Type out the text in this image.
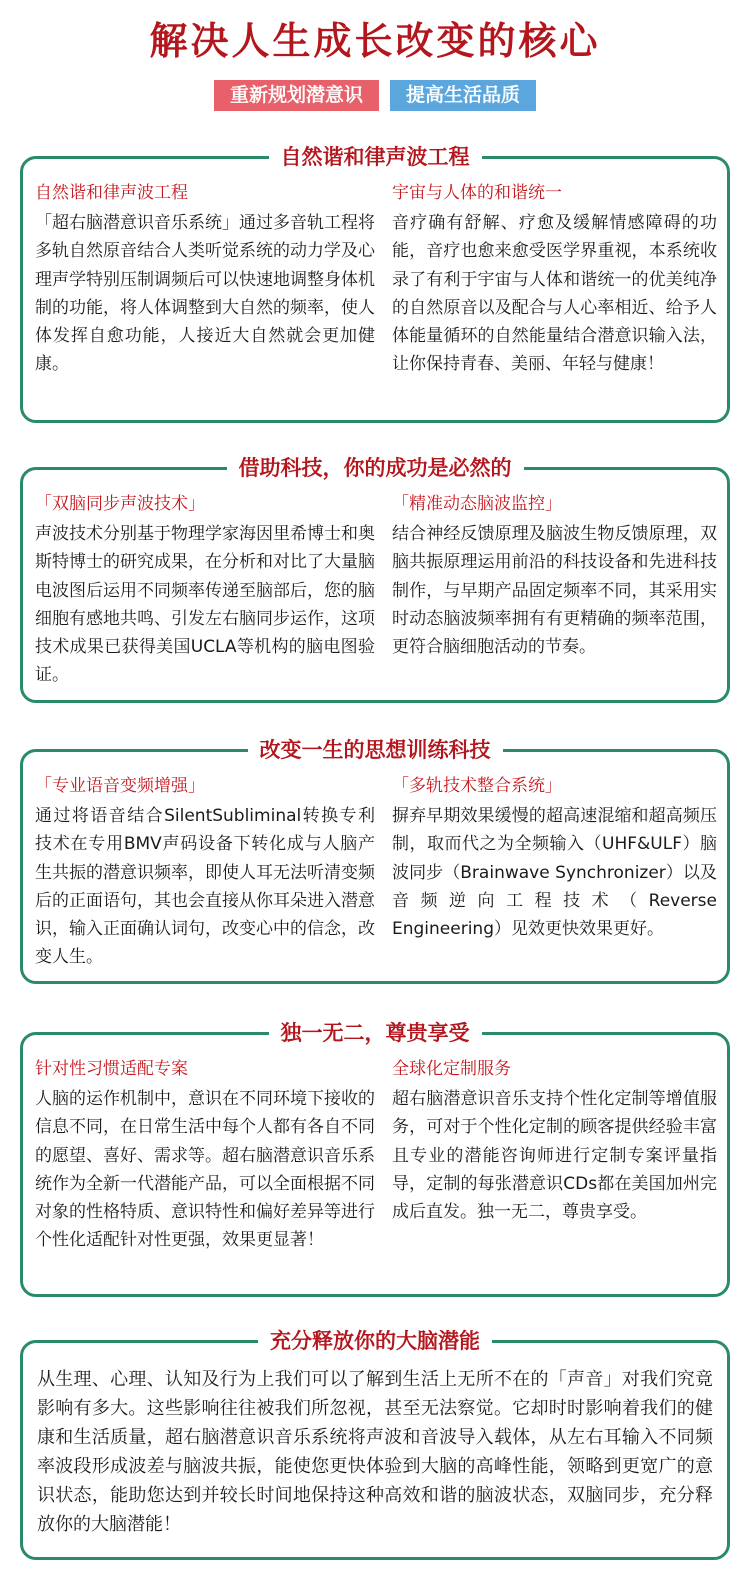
解决人生成长改变的核心
重新规划潜意识	提高生活品质
自然谐和律声波工程
自然谐和律声波工程
「超右脑潜意识音乐系统」通过多音轨工程将多轨自然原音结合人类听觉系统的动力学及心理声学特别压制调频后可以快速地调整身体机制的功能，将人体调整到大自然的频率，使人体发挥自愈功能，人接近大自然就会更加健康。
宇宙与人体的和谐统一
音疗确有舒解、疗愈及缓解情感障碍的功能，音疗也愈来愈受医学界重视，本系统收录了有利于宇宙与人体和谐统一的优美纯净的自然原音以及配合与人心率相近、给予人体能量循环的自然能量结合潜意识输入法，让你保持青春、美丽、年轻与健康！
借助科技，你的成功是必然的
「双脑同步声波技术」
声波技术分别基于物理学家海因里希博士和奥斯特博士的研究成果，在分析和对比了大量脑电波图后运用不同频率传递至脑部后，您的脑细胞有感地共鸣、引发左右脑同步运作，这项技术成果已获得美国UCLA等机构的脑电图验证。
「精准动态脑波监控」
结合神经反馈原理及脑波生物反馈原理，双脑共振原理运用前沿的科技设备和先进科技制作，与早期产品固定频率不同，其采用实时动态脑波频率拥有有更精确的频率范围，更符合脑细胞活动的节奏。
改变一生的思想训练科技
「专业语音变频增强」
通过将语音结合SilentSubliminal转换专利技术在专用BMV声码设备下转化成与人脑产生共振的潜意识频率，即使人耳无法听清变频后的正面语句，其也会直接从你耳朵进入潜意识，输入正面确认词句，改变心中的信念，改变人生。
「多轨技术整合系统」
摒弃早期效果缓慢的超高速混缩和超高频压制，取而代之为全频输入（UHF&ULF）脑波同步（Brainwave Synchronizer）以及音频逆向工程技术（Reverse Engineering）见效更快效果更好。
独一无二，尊贵享受
针对性习惯适配专案
人脑的运作机制中，意识在不同环境下接收的信息不同，在日常生活中每个人都有各自不同的愿望、喜好、需求等。超右脑潜意识音乐系统作为全新一代潜能产品，可以全面根据不同对象的性格特质、意识特性和偏好差异等进行个性化适配针对性更强，效果更显著！
全球化定制服务
超右脑潜意识音乐支持个性化定制等增值服务，可对于个性化定制的顾客提供经验丰富且专业的潜能咨询师进行定制专案评量指导，定制的每张潜意识CDs都在美国加州完成后直发。独一无二，尊贵享受。
充分释放你的大脑潜能
从生理、心理、认知及行为上我们可以了解到生活上无所不在的「声音」对我们究竟影响有多大。这些影响往往被我们所忽视，甚至无法察觉。它却时时影响着我们的健康和生活质量，超右脑潜意识音乐系统将声波和音波导入载体，从左右耳输入不同频率波段形成波差与脑波共振，能使您更快体验到大脑的高峰性能，领略到更宽广的意识状态，能助您达到并较长时间地保持这种高效和谐的脑波状态，双脑同步，充分释放你的大脑潜能！
